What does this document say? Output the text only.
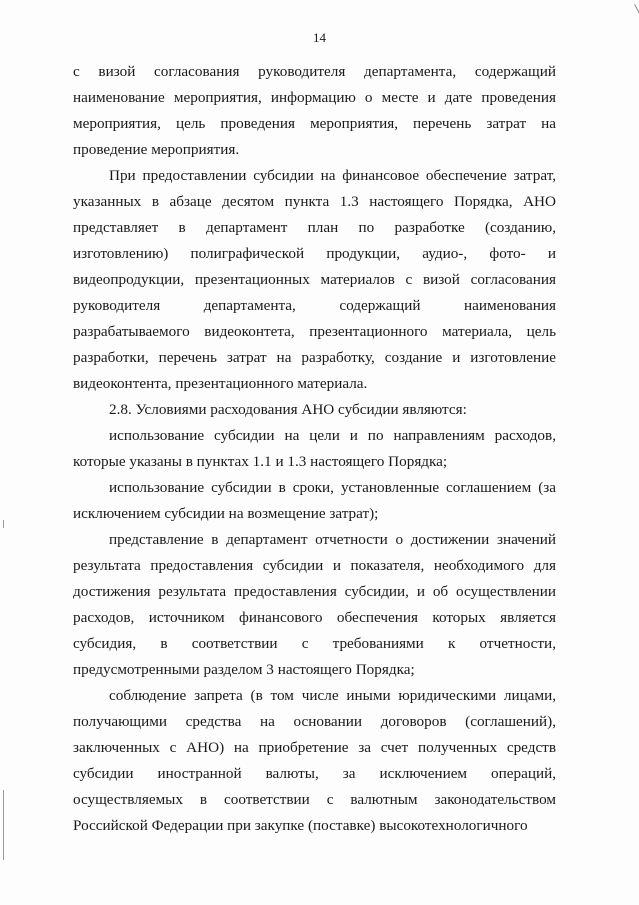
14

с визой согласования руководителя департамента, содержащий наименование мероприятия, информацию о месте и дате проведения мероприятия, цель проведения мероприятия, перечень затрат на проведение мероприятия.

При предоставлении субсидии на финансовое обеспечение затрат, указанных в абзаце десятом пункта 1.3 настоящего Порядка, АНО представляет в департамент план по разработке (созданию, изготовлению) полиграфической продукции, аудио-, фото- и видеопродукции, презентационных материалов с визой согласования руководителя департамента, содержащий наименования разрабатываемого видеоконтета, презентационного материала, цель разработки, перечень затрат на разработку, создание и изготовление видеоконтента, презентационного материала.

2.8. Условиями расходования АНО субсидии являются:

использование субсидии на цели и по направлениям расходов, которые указаны в пунктах 1.1 и 1.3 настоящего Порядка;

использование субсидии в сроки, установленные соглашением (за исключением субсидии на возмещение затрат);

представление в департамент отчетности о достижении значений результата предоставления субсидии и показателя, необходимого для достижения результата предоставления субсидии, и об осуществлении расходов, источником финансового обеспечения которых является субсидия, в соответствии с требованиями к отчетности, предусмотренными разделом 3 настоящего Порядка;

соблюдение запрета (в том числе иными юридическими лицами, получающими средства на основании договоров (соглашений), заключенных с АНО) на приобретение за счет полученных средств субсидии иностранной валюты, за исключением операций, осуществляемых в соответствии с валютным законодательством Российской Федерации при закупке (поставке) высокотехнологичного
